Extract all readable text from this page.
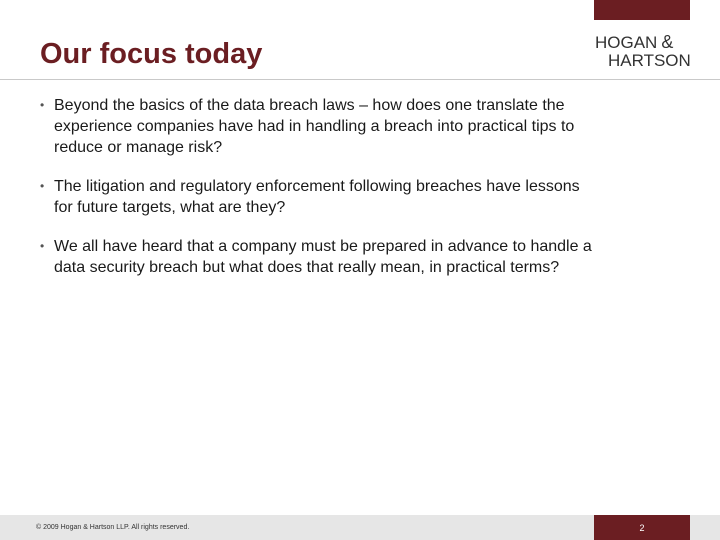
Our focus today	HOGAN &
HARTSON
• Beyond the basics of the data breach laws – how does one translate the experience companies have had in handling a breach into practical tips to reduce or manage risk?
• The litigation and regulatory enforcement following breaches have lessons for future targets, what are they?
• We all have heard that a company must be prepared in advance to handle a data security breach but what does that really mean, in practical terms?
© 2009 Hogan & Hartson LLP. All rights reserved.	2
